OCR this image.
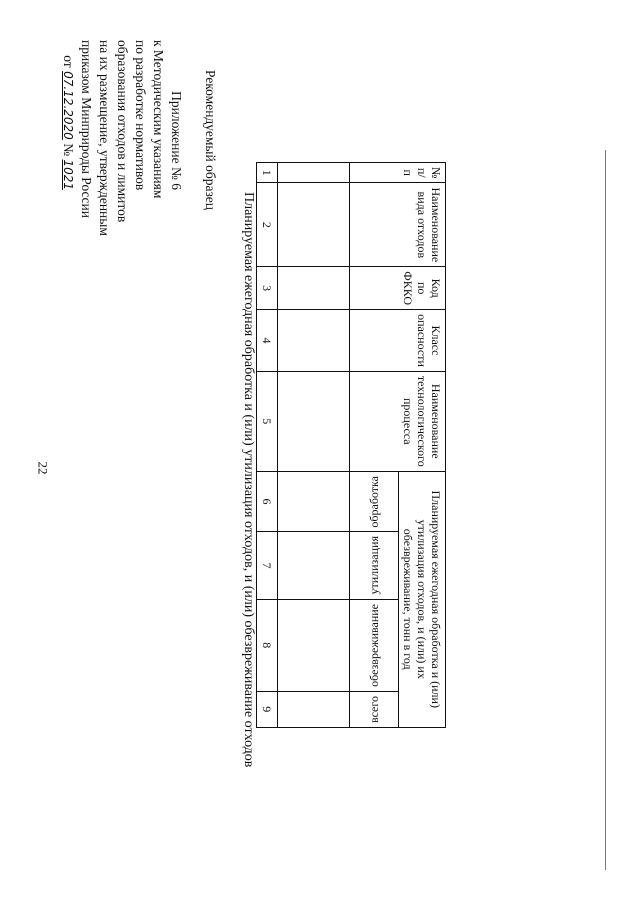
22
Приложение № 6
к Методическим указаниям
по разработке нормативов
образования отходов и лимитов
на их размещение, утвержденным
приказом Минприроды России
от 07.12.2020 № 1021	Рекомендуемый образец
Планируемая ежегодная обработка и (или) утилизация отходов, и (или) обезвреживание отходов
№ п/п	Наименование вида отходов	Код по ФККО	Класс опасности	Наименование технологического процесса	Планируемая ежегодная обработка и (или) утилизация отходов, и (или) их обезвреживание, тонн в год			
					обработка	утилизация	обезвреживание	всего

1	2	3	4	5	6	7	8	9
